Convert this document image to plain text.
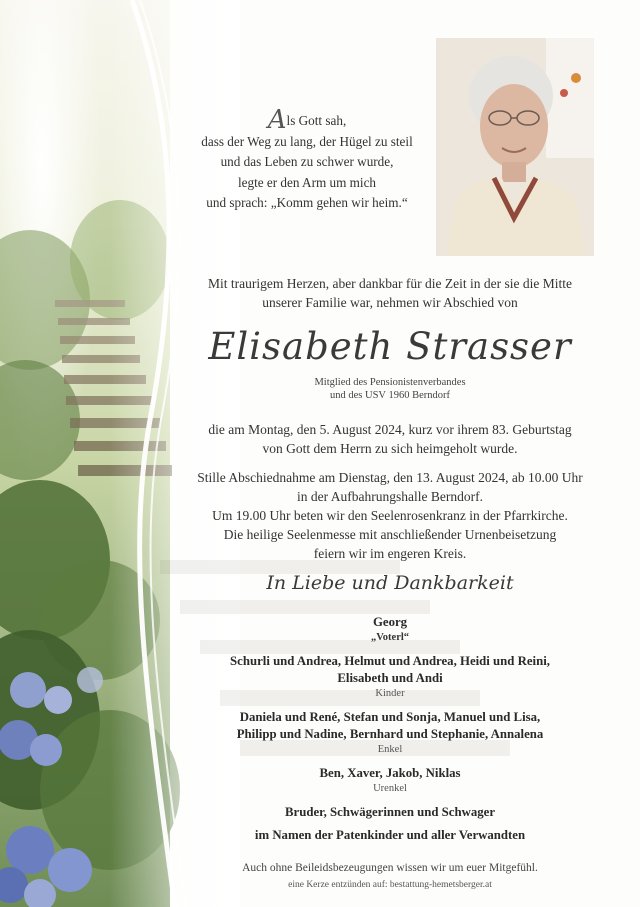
Als Gott sah,
dass der Weg zu lang, der Hügel zu steil
und das Leben zu schwer wurde,
legte er den Arm um mich
und sprach: „Komm gehen wir heim.“
Mit traurigem Herzen, aber dankbar für die Zeit in der sie die Mitte
unserer Familie war, nehmen wir Abschied von
Elisabeth Strasser
Mitglied des Pensionistenverbandes
und des USV 1960 Berndorf
die am Montag, den 5. August 2024, kurz vor ihrem 83. Geburtstag
von Gott dem Herrn zu sich heimgeholt wurde.
Stille Abschiednahme am Dienstag, den 13. August 2024, ab 10.00 Uhr
in der Aufbahrungshalle Berndorf.
Um 19.00 Uhr beten wir den Seelenrosenkranz in der Pfarrkirche.
Die heilige Seelenmesse mit anschließender Urnenbeisetzung
feiern wir im engeren Kreis.
In Liebe und Dankbarkeit
Georg
„Voterl“
Schurli und Andrea, Helmut und Andrea, Heidi und Reini,
Elisabeth und Andi
Kinder
Daniela und René, Stefan und Sonja, Manuel und Lisa,
Philipp und Nadine, Bernhard und Stephanie, Annalena
Enkel
Ben, Xaver, Jakob, Niklas
Urenkel
Bruder, Schwägerinnen und Schwager
im Namen der Patenkinder und aller Verwandten
Auch ohne Beileidsbezeugungen wissen wir um euer Mitgefühl.
eine Kerze entzünden auf: bestattung-hemetsberger.at
